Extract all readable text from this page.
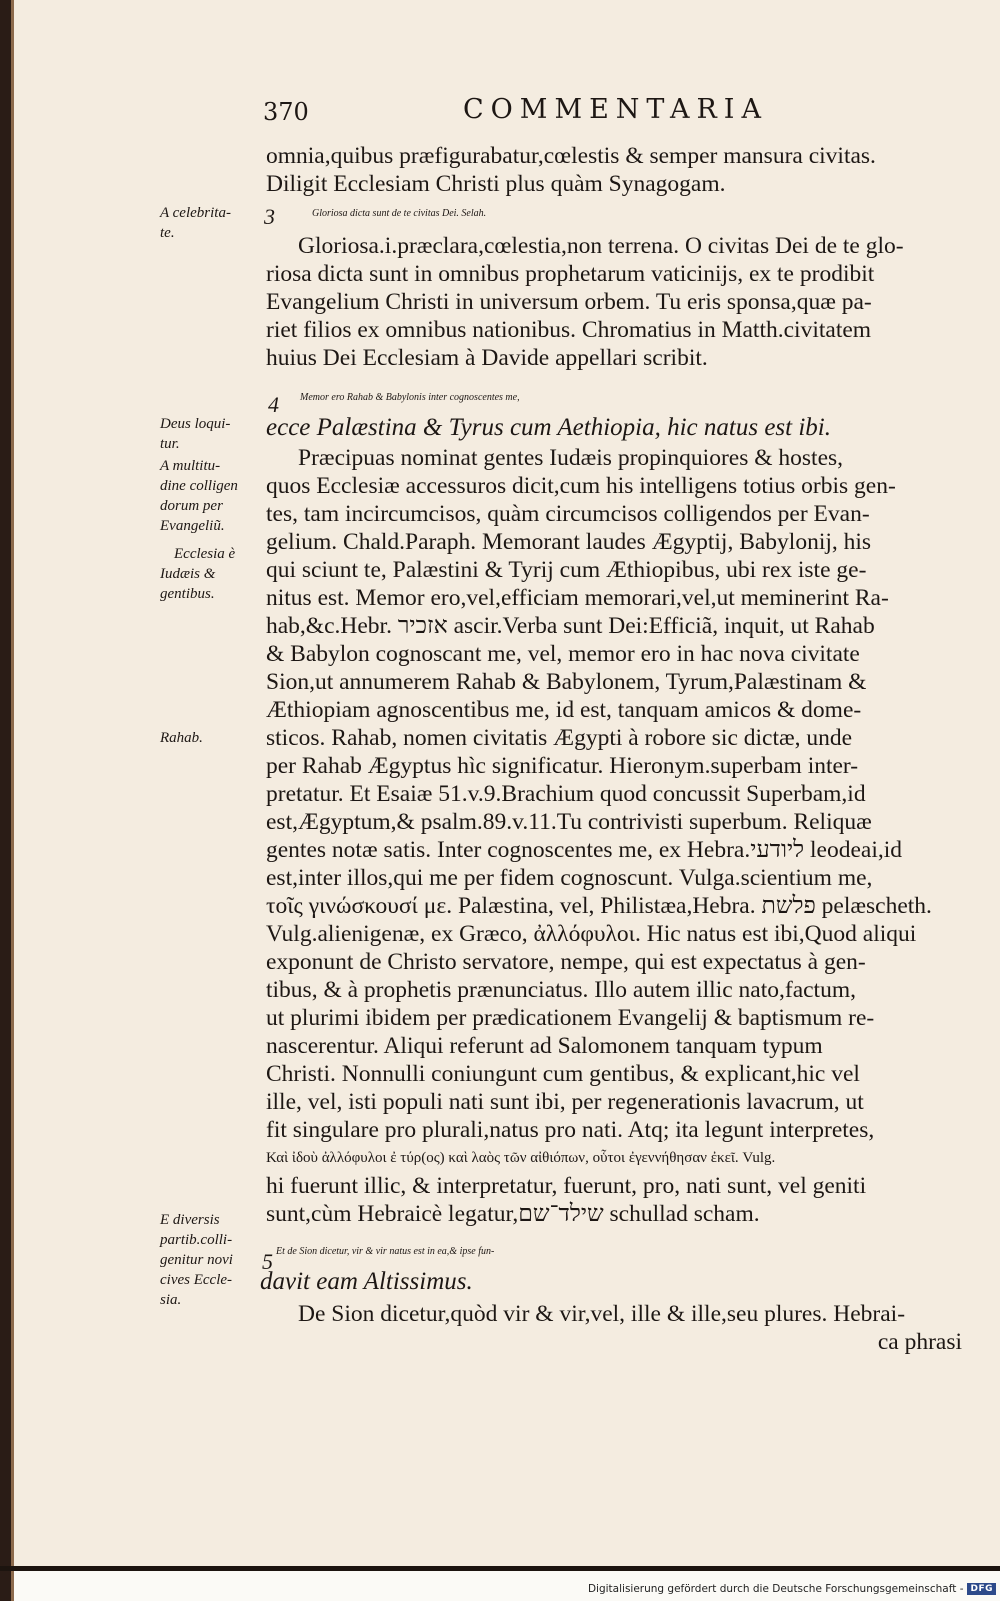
370	COMMENTARIA
omnia,quibus præfigurabatur,cœlestis & semper mansura civitas.
Diligit Ecclesiam Christi plus quàm Synagogam.
A celebrita-
te.
3	Gloriosa dicta sunt de te civitas Dei. Selah.
Gloriosa.i.præclara,cœlestia,non terrena. O civitas Dei de te glo-
riosa dicta sunt in omnibus prophetarum vaticinijs, ex te prodibit
Evangelium Christi in universum orbem. Tu eris sponsa,quæ pa-
riet filios ex omnibus nationibus. Chromatius in Matth.civitatem
huius Dei Ecclesiam à Davide appellari scribit.
4 Memor ero Rahab & Babylonis inter cognoscentes me,
ecce Palæstina & Tyrus cum Aethiopia, hic natus est ibi.
Deus loqui-
tur.
A multitu-
dine colligen
dorum per
Evangeliũ.
Ecclesia è
Iudæis &
gentibus.
Præcipuas nominat gentes Iudæis propinquiores & hostes,
quos Ecclesiæ accessuros dicit,cum his intelligens totius orbis gen-
tes, tam incircumcisos, quàm circumcisos colligendos per Evan-
gelium. Chald.Paraph. Memorant laudes Ægyptij, Babylonij, his
qui sciunt te, Palæstini & Tyrij cum Æthiopibus, ubi rex iste ge-
nitus est. Memor ero,vel,efficiam memorari,vel,ut meminerint Ra-
hab,&c.Hebr. אזכיר ascir.Verba sunt Dei:Efficiã, inquit, ut Rahab
& Babylon cognoscant me, vel, memor ero in hac nova civitate
Sion,ut annumerem Rahab & Babylonem, Tyrum,Palæstinam &
Æthiopiam agnoscentibus me, id est, tanquam amicos & dome-
sticos. Rahab, nomen civitatis Ægypti à robore sic dictæ, unde
per Rahab Ægyptus hìc significatur. Hieronym.superbam inter-
pretatur. Et Esaiæ 51.v.9.Brachium quod concussit Superbam,id
est,Ægyptum,& psalm.89.v.11.Tu contrivisti superbum. Reliquæ
gentes notæ satis. Inter cognoscentes me, ex Hebra.ליודעי leodeai,id
est,inter illos,qui me per fidem cognoscunt. Vulga.scientium me,
τοῖς γινώσκουσί με. Palæstina, vel, Philistæa,Hebra. פלשת pelæscheth.
Vulg.alienigenæ, ex Græco, ἀλλόφυλοι. Hic natus est ibi,Quod aliqui
exponunt de Christo servatore, nempe, qui est expectatus à gen-
tibus, & à prophetis prænunciatus. Illo autem illic nato,factum,
ut plurimi ibidem per prædicationem Evangelij & baptismum re-
nascerentur. Aliqui referunt ad Salomonem tanquam typum
Christi. Nonnulli coniungunt cum gentibus, & explicant,hic vel
ille, vel, isti populi nati sunt ibi, per regenerationis lavacrum, ut
fit singulare pro plurali,natus pro nati. Atq; ita legunt interpretes,
Καὶ ἰδοὺ ἀλλόφυλοι ἐ τύρ(ος) καὶ λαὸς τῶν αἰθιόπων, οὗτοι ἐγεννήθησαν ἐκεῖ. Vulg.
hi fuerunt illic, & interpretatur, fuerunt, pro, nati sunt, vel geniti
sunt,cùm Hebraicè legatur,שילד־שם schullad scham.
Rahab.
E diversis
partib.colli-
genitur novi
cives Eccle-
sia.
5 Et de Sion dicetur, vir & vir natus est in ea,& ipse fun-
davit eam Altissimus.
De Sion dicetur,quòd vir & vir,vel, ille & ille,seu plures. Hebrai-
ca phrasi
Digitalisierung gefördert durch die Deutsche Forschungsgemeinschaft - DFG
